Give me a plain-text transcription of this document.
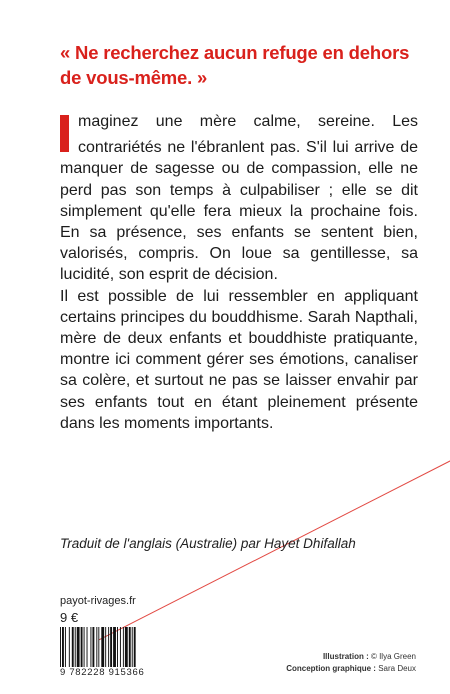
« Ne recherchez aucun refuge en dehors de vous-même. »

maginez une mère calme, sereine. Les contrariétés ne l'ébranlent pas. S'il lui arrive de manquer de sagesse ou de compassion, elle ne perd pas son temps à culpabiliser ; elle se dit simplement qu'elle fera mieux la prochaine fois. En sa présence, ses enfants se sentent bien, valorisés, compris. On loue sa gentillesse, sa lucidité, son esprit de décision.

Il est possible de lui ressembler en appliquant certains principes du bouddhisme. Sarah Napthali, mère de deux enfants et bouddhiste pratiquante, montre ici comment gérer ses émotions, canaliser sa colère, et surtout ne pas se laisser envahir par ses enfants tout en étant pleinement présente dans les moments importants.

Traduit de l'anglais (Australie) par Hayet Dhifallah
payot-rivages.fr
9 €
9 782228 915366
Illustration : © Ilya Green
Conception graphique : Sara Deux
